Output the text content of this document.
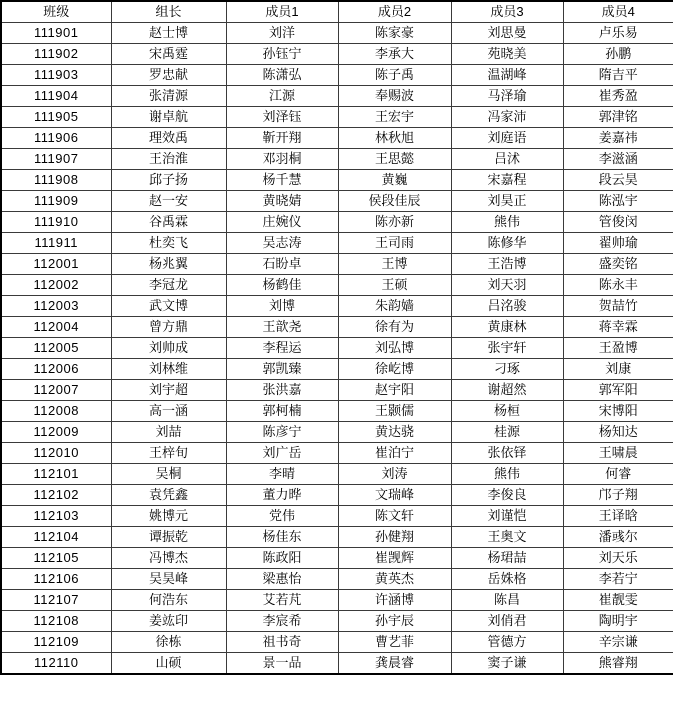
班级	组长	成员1	成员2	成员3	成员4
111901	赵士博	刘洋	陈家豪	刘思曼	卢乐易
111902	宋禹霆	孙钰宁	李承大	苑晓美	孙鹏
111903	罗忠献	陈潇弘	陈子禹	温湖峰	隋吉平
111904	张清源	江源	奉赐波	马泽瑜	崔秀盈
111905	谢卓航	刘泽钰	王宏宇	冯家沛	郭津铭
111906	理效禹	靳开翔	林秋旭	刘庭语	姜嘉祎
111907	王治淮	邓羽桐	王思懿	吕沭	李滋涵
111908	邱子扬	杨千慧	黄巍	宋嘉程	段云昊
111909	赵一安	黄晓婧	侯段佳辰	刘昊正	陈泓宇
111910	谷禹霖	庄婉仪	陈亦新	熊伟	管俊闵
111911	杜奕飞	吴志涛	王司雨	陈修华	翟帅瑜
112001	杨兆翼	石盼卓	王博	王浩博	盛奕铭
112002	李冠龙	杨鹤佳	王硕	刘天羽	陈永丰
112003	武文博	刘博	朱韵嫱	吕洺骏	贺喆竹
112004	曾方鼎	王歆尧	徐有为	黄康林	蒋幸霖
112005	刘帅成	李程运	刘弘博	张宇轩	王盈博
112006	刘林维	郭凯臻	徐屹博	刁琢	刘康
112007	刘宇超	张洪嘉	赵宇阳	谢超然	郭军阳
112008	高一涵	郭柯楠	王颢儒	杨桓	宋博阳
112009	刘喆	陈彦宁	黄达骁	桂源	杨知达
112010	王梓旬	刘广岳	崔泊宁	张依铎	王啸晨
112101	吴桐	李晴	刘涛	熊伟	何睿
112102	袁凭鑫	董力晔	文瑞峰	李俊良	邝子翔
112103	姚博元	党伟	陈文轩	刘谨恺	王译晗
112104	谭振乾	杨佳东	孙健翔	王奥文	潘彧尔
112105	冯博杰	陈政阳	崔觊辉	杨珺喆	刘天乐
112106	吴昊峰	梁惠怡	黄英杰	岳姝格	李若宁
112107	何浩东	艾若芃	许涵博	陈昌	崔靓雯
112108	姜竑印	李宸希	孙宇辰	刘俏君	陶明宇
112109	徐栋	祖书奇	曹艺菲	管德方	辛宗谦
112110	山硕	景一品	龚晨睿	窦子谦	熊睿翔
